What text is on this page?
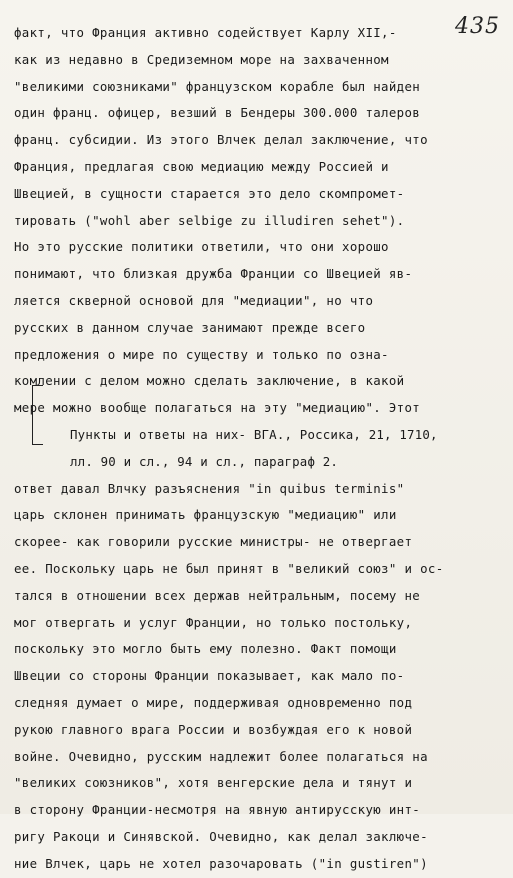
435
факт, что Франция активно содействует Карлу XII,-
как из недавно в Средиземном море на захваченном
"великими союзниками" французском корабле был найден
один франц. офицер, везший в Бендеры 300.000 талеров
франц. субсидии. Из этого Влчек делал заключение, что
Франция, предлагая свою медиацию между Россией и
Швецией, в сущности старается это дело скомпромет-
тировать ("wohl aber selbige zu illudiren sehet").
Но это русские политики ответили, что они хорошо
понимают, что близкая дружба Франции со Швецией яв-
ляется скверной основой для "медиации", но что
русских в данном случае занимают прежде всего
предложения о мире по существу и только по озна-
комлении с делом можно сделать заключение, в какой
мере можно вообще полагаться на эту "медиацию". Этот
Пункты и ответы на них- ВГА., Россика, 21, 1710,
лл. 90 и сл., 94 и сл., параграф 2.
ответ давал Влчку разъяснения "in quibus terminis"
царь склонен принимать французскую "медиацию" или
скорее- как говорили русские министры- не отвергает
ее. Поскольку царь не был принят в "великий союз" и ос-
тался в отношении всех держав нейтральным, посему не
мог отвергать и услуг Франции, но только постольку,
поскольку это могло быть ему полезно. Факт помощи
Швеции со стороны Франции показывает, как мало по-
следняя думает о мире, поддерживая одновременно под
рукою главного врага России и возбуждая его к новой
войне. Очевидно, русским надлежит более полагаться на
"великих союзников", хотя венгерские дела и тянут и
в сторону Франции-несмотря на явную антирусскую инт-
ригу Ракоци и Синявской. Очевидно, как делал заключе-
ние Влчек, царь не хотел разочаровать ("in gustiren")
